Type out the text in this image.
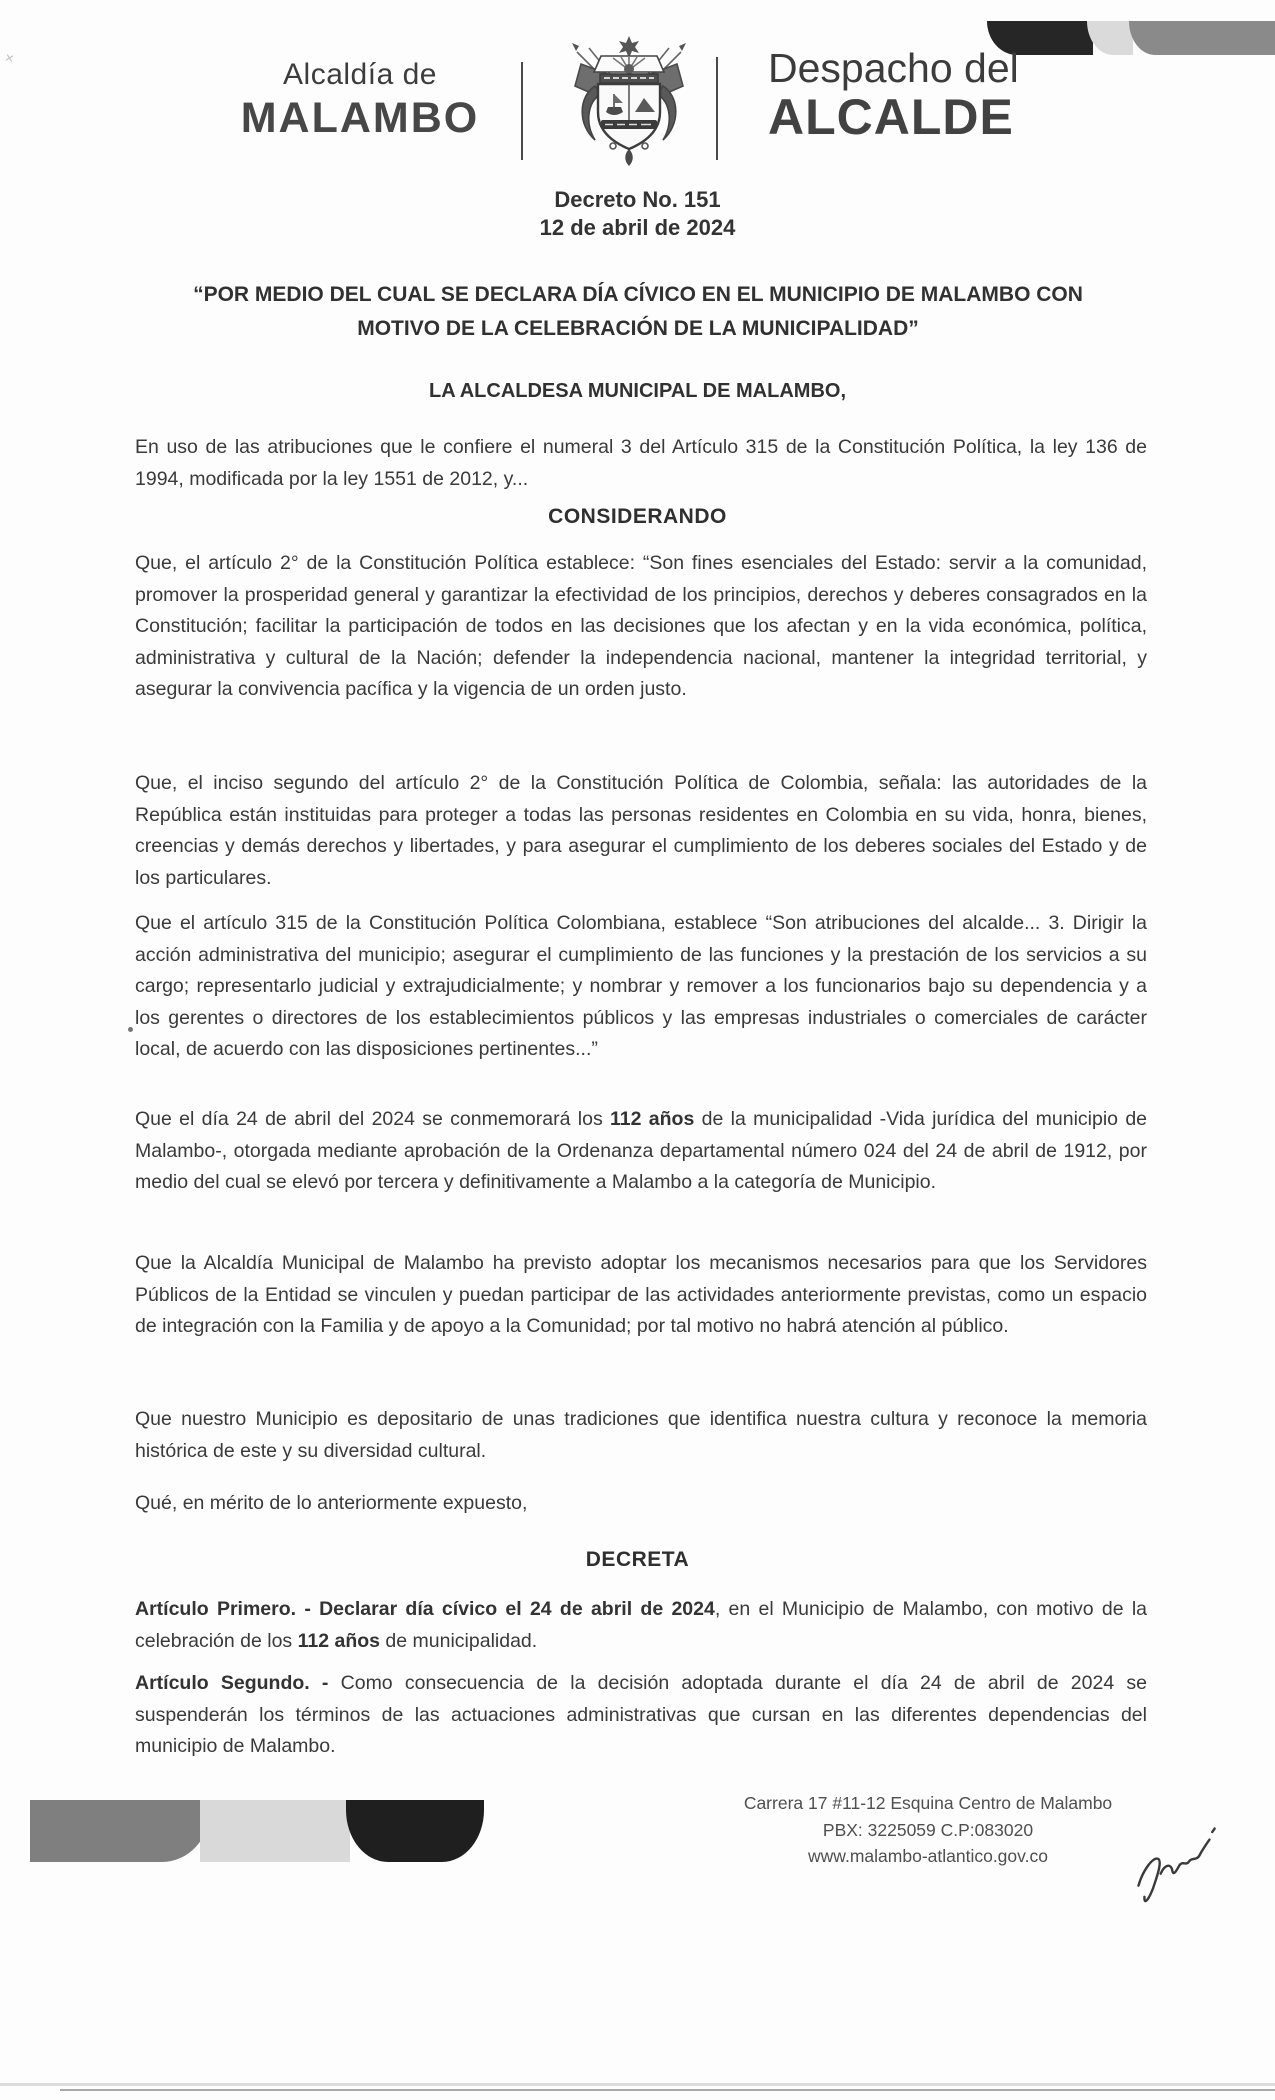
×	Alcaldía de
MALAMBO
Despacho del
ALCALDE
Decreto No. 151
12 de abril de 2024
“POR MEDIO DEL CUAL SE DECLARA DÍA CÍVICO EN EL MUNICIPIO DE MALAMBO CON MOTIVO DE LA CELEBRACIÓN DE LA MUNICIPALIDAD”
LA ALCALDESA MUNICIPAL DE MALAMBO,
En uso de las atribuciones que le confiere el numeral 3 del Artículo 315 de la Constitución Política, la ley 136 de 1994, modificada por la ley 1551 de 2012, y...
CONSIDERANDO
Que, el artículo 2° de la Constitución Política establece: “Son fines esenciales del Estado: servir a la comunidad, promover la prosperidad general y garantizar la efectividad de los principios, derechos y deberes consagrados en la Constitución; facilitar la participación de todos en las decisiones que los afectan y en la vida económica, política, administrativa y cultural de la Nación; defender la independencia nacional, mantener la integridad territorial, y asegurar la convivencia pacífica y la vigencia de un orden justo.
Que, el inciso segundo del artículo 2° de la Constitución Política de Colombia, señala: las autoridades de la República están instituidas para proteger a todas las personas residentes en Colombia en su vida, honra, bienes, creencias y demás derechos y libertades, y para asegurar el cumplimiento de los deberes sociales del Estado y de los particulares.
Que el artículo 315 de la Constitución Política Colombiana, establece “Son atribuciones del alcalde... 3. Dirigir la acción administrativa del municipio; asegurar el cumplimiento de las funciones y la prestación de los servicios a su cargo; representarlo judicial y extrajudicialmente; y nombrar y remover a los funcionarios bajo su dependencia y a los gerentes o directores de los establecimientos públicos y las empresas industriales o comerciales de carácter local, de acuerdo con las disposiciones pertinentes...”
Que el día 24 de abril del 2024 se conmemorará los 112 años de la municipalidad -Vida jurídica del municipio de Malambo-, otorgada mediante aprobación de la Ordenanza departamental número 024 del 24 de abril de 1912, por medio del cual se elevó por tercera y definitivamente a Malambo a la categoría de Municipio.
Que la Alcaldía Municipal de Malambo ha previsto adoptar los mecanismos necesarios para que los Servidores Públicos de la Entidad se vinculen y puedan participar de las actividades anteriormente previstas, como un espacio de integración con la Familia y de apoyo a la Comunidad; por tal motivo no habrá atención al público.
Que nuestro Municipio es depositario de unas tradiciones que identifica nuestra cultura y reconoce la memoria histórica de este y su diversidad cultural.
Qué, en mérito de lo anteriormente expuesto,
DECRETA
Artículo Primero. - Declarar día cívico el 24 de abril de 2024, en el Municipio de Malambo, con motivo de la celebración de los 112 años de municipalidad.
Artículo Segundo. - Como consecuencia de la decisión adoptada durante el día 24 de abril de 2024 se suspenderán los términos de las actuaciones administrativas que cursan en las diferentes dependencias del municipio de Malambo.
Carrera 17 #11-12 Esquina Centro de Malambo
PBX: 3225059 C.P:083020
www.malambo-atlantico.gov.co
